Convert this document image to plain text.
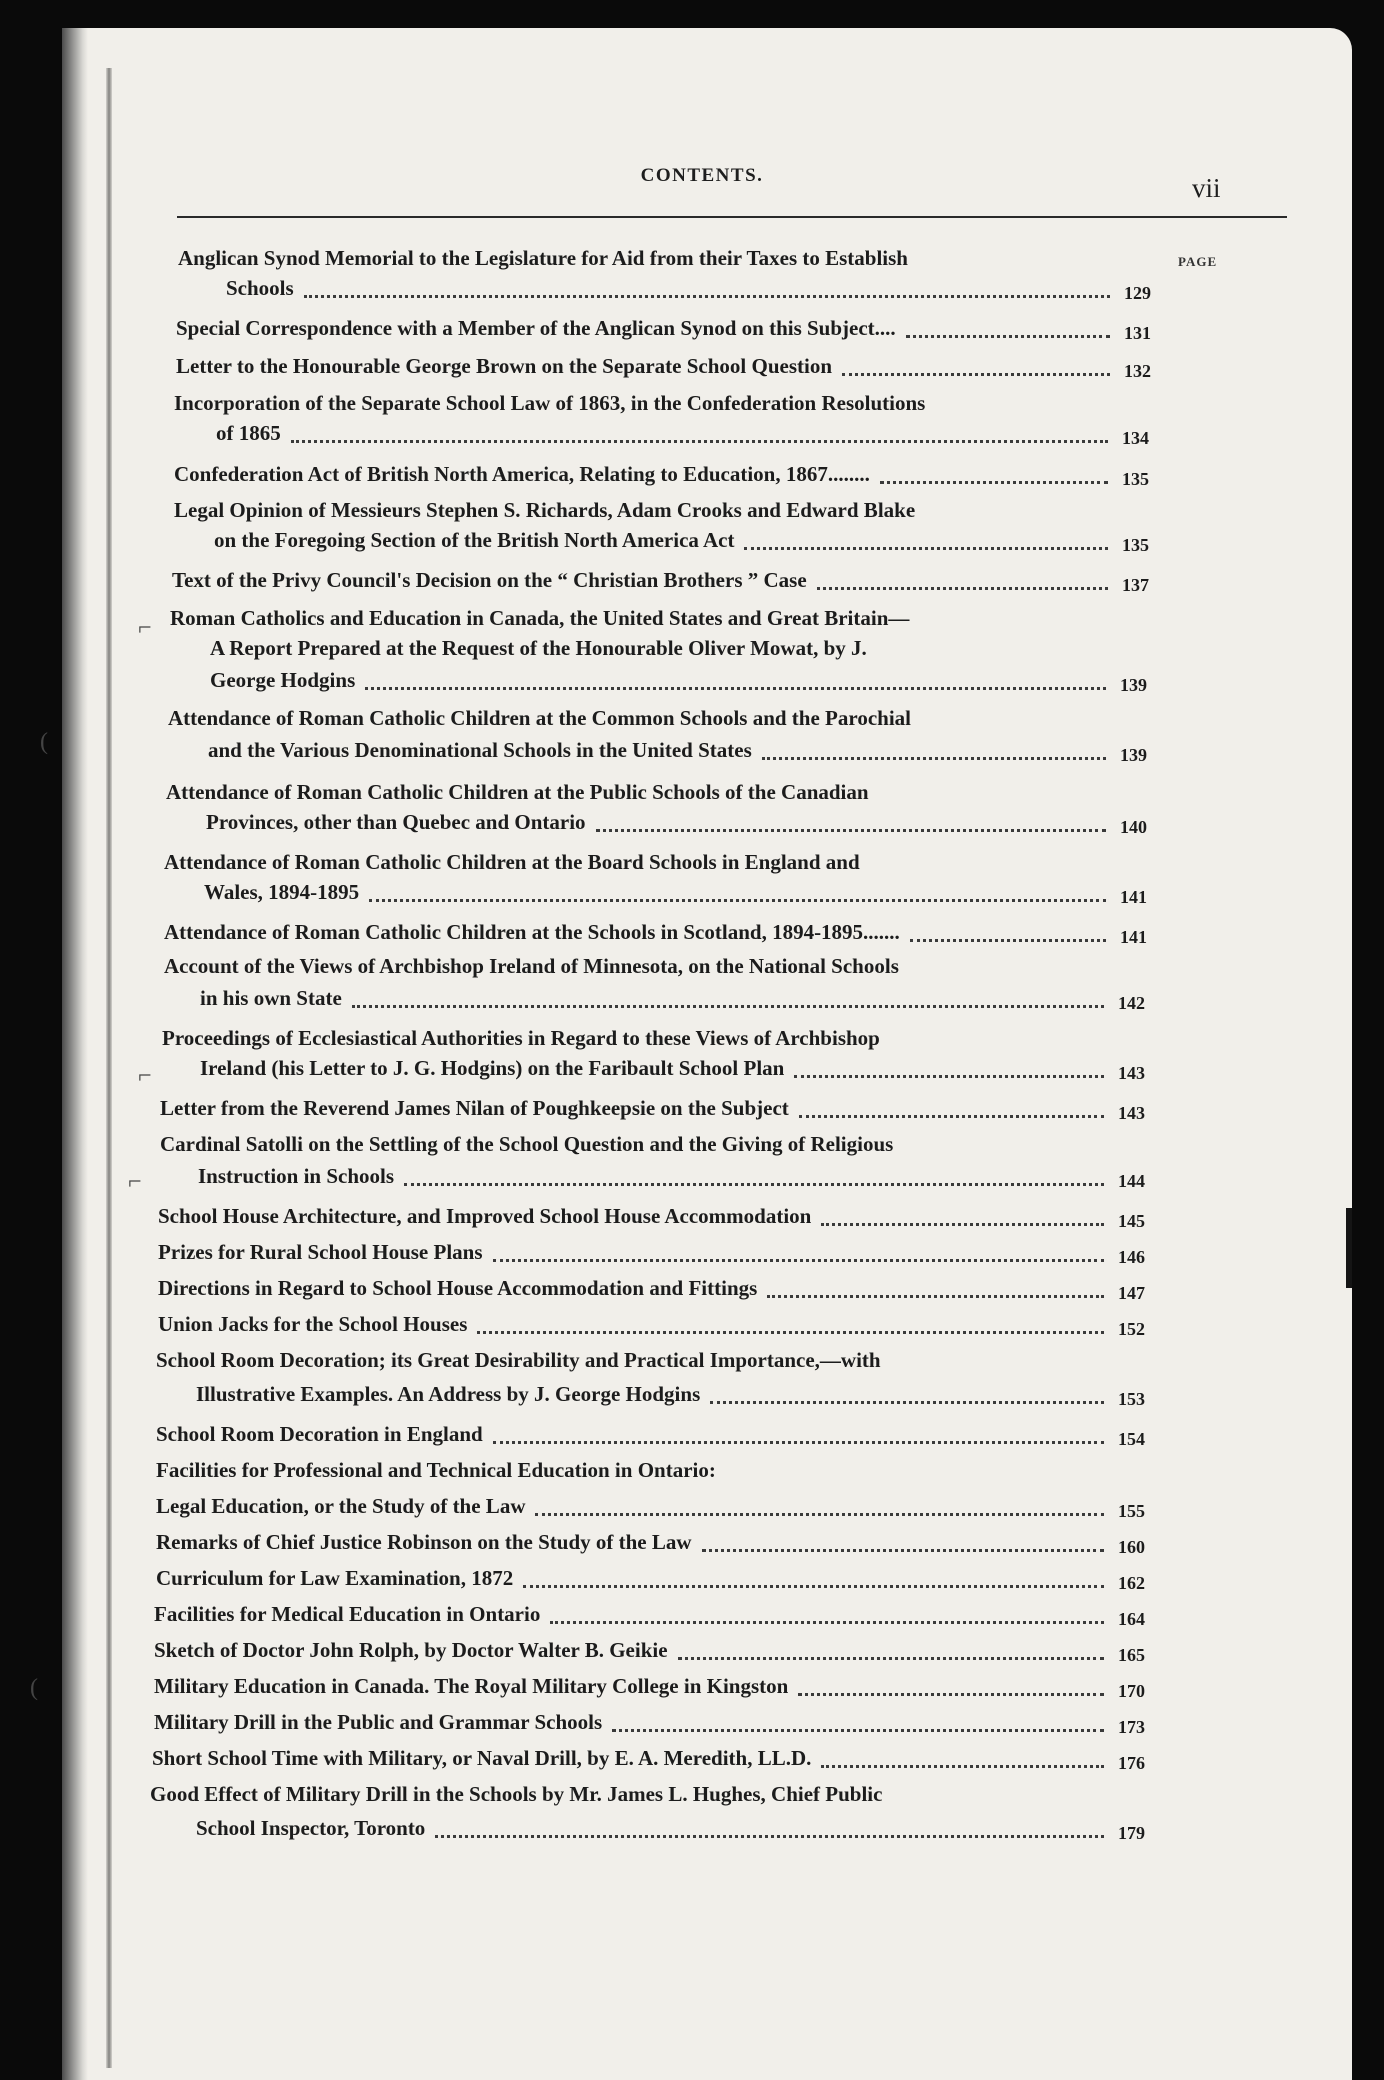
CONTENTS.	vii
PAGE
⌐
(
⌐
⌐
(
Anglican Synod Memorial to the Legislature for Aid from their Taxes to Establish
Schools	129
Special Correspondence with a Member of the Anglican Synod on this Subject....	131
Letter to the Honourable George Brown on the Separate School Question	132
Incorporation of the Separate School Law of 1863, in the Confederation Resolutions
of 1865	134
Confederation Act of British North America, Relating to Education, 1867........	135
Legal Opinion of Messieurs Stephen S. Richards, Adam Crooks and Edward Blake
on the Foregoing Section of the British North America Act	135
Text of the Privy Council's Decision on the “ Christian Brothers ” Case	137
Roman Catholics and Education in Canada, the United States and Great Britain—
A Report Prepared at the Request of the Honourable Oliver Mowat, by J.
George Hodgins	139
Attendance of Roman Catholic Children at the Common Schools and the Parochial
and the Various Denominational Schools in the United States	139
Attendance of Roman Catholic Children at the Public Schools of the Canadian
Provinces, other than Quebec and Ontario	140
Attendance of Roman Catholic Children at the Board Schools in England and
Wales, 1894-1895	141
Attendance of Roman Catholic Children at the Schools in Scotland, 1894-1895.......	141
Account of the Views of Archbishop Ireland of Minnesota, on the National Schools
in his own State	142
Proceedings of Ecclesiastical Authorities in Regard to these Views of Archbishop
Ireland (his Letter to J. G. Hodgins) on the Faribault School Plan	143
Letter from the Reverend James Nilan of Poughkeepsie on the Subject	143
Cardinal Satolli on the Settling of the School Question and the Giving of Religious
Instruction in Schools	144
School House Architecture, and Improved School House Accommodation	145
Prizes for Rural School House Plans	146
Directions in Regard to School House Accommodation and Fittings	147
Union Jacks for the School Houses	152
School Room Decoration; its Great Desirability and Practical Importance,—with
Illustrative Examples. An Address by J. George Hodgins	153
School Room Decoration in England	154
Facilities for Professional and Technical Education in Ontario:
Legal Education, or the Study of the Law	155
Remarks of Chief Justice Robinson on the Study of the Law	160
Curriculum for Law Examination, 1872	162
Facilities for Medical Education in Ontario	164
Sketch of Doctor John Rolph, by Doctor Walter B. Geikie	165
Military Education in Canada. The Royal Military College in Kingston	170
Military Drill in the Public and Grammar Schools	173
Short School Time with Military, or Naval Drill, by E. A. Meredith, LL.D.	176
Good Effect of Military Drill in the Schools by Mr. James L. Hughes, Chief Public
School Inspector, Toronto	179
